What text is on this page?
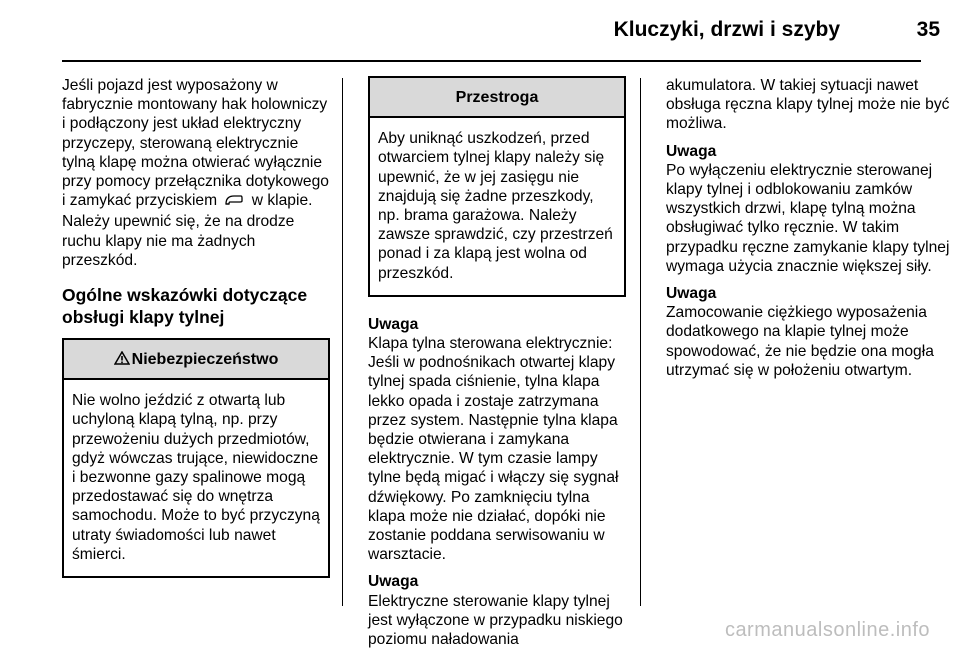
Kluczyki, drzwi i szyby	35

Jeśli pojazd jest wyposażony w fabrycznie montowany hak holowniczy i podłączony jest układ elektryczny przyczepy, sterowaną elektrycznie tylną klapę można otwierać wyłącznie przy pomocy przełącznika dotykowego i zamykać przyciskiem w klapie. Należy upewnić się, że na drodze ruchu klapy nie ma żadnych przeszkód.

Ogólne wskazówki dotyczące obsługi klapy tylnej
Niebezpieczeństwo
Nie wolno jeździć z otwartą lub uchyloną klapą tylną, np. przy przewożeniu dużych przedmiotów, gdyż wówczas trujące, niewidoczne i bezwonne gazy spalinowe mogą przedostawać się do wnętrza samochodu. Może to być przyczyną utraty świadomości lub nawet śmierci.
Przestroga
Aby uniknąć uszkodzeń, przed otwarciem tylnej klapy należy się upewnić, że w jej zasięgu nie znajdują się żadne przeszkody, np. brama garażowa. Należy zawsze sprawdzić, czy przestrzeń ponad i za klapą jest wolna od przeszkód.
Uwaga

Klapa tylna sterowana elektrycznie: Jeśli w podnośnikach otwartej klapy tylnej spada ciśnienie, tylna klapa lekko opada i zostaje zatrzymana przez system. Następnie tylna klapa będzie otwierana i zamykana elektrycznie. W tym czasie lampy tylne będą migać i włączy się sygnał dźwiękowy. Po zamknięciu tylna klapa może nie działać, dopóki nie zostanie poddana serwisowaniu w warsztacie.

Uwaga

Elektryczne sterowanie klapy tylnej jest wyłączone w przypadku niskiego poziomu naładowania

akumulatora. W takiej sytuacji nawet obsługa ręczna klapy tylnej może nie być możliwa.

Uwaga

Po wyłączeniu elektrycznie sterowanej klapy tylnej i odblokowaniu zamków wszystkich drzwi, klapę tylną można obsługiwać tylko ręcznie. W takim przypadku ręczne zamykanie klapy tylnej wymaga użycia znacznie większej siły.

Uwaga

Zamocowanie ciężkiego wyposażenia dodatkowego na klapie tylnej może spowodować, że nie będzie ona mogła utrzymać się w położeniu otwartym.

carmanualsonline.info
